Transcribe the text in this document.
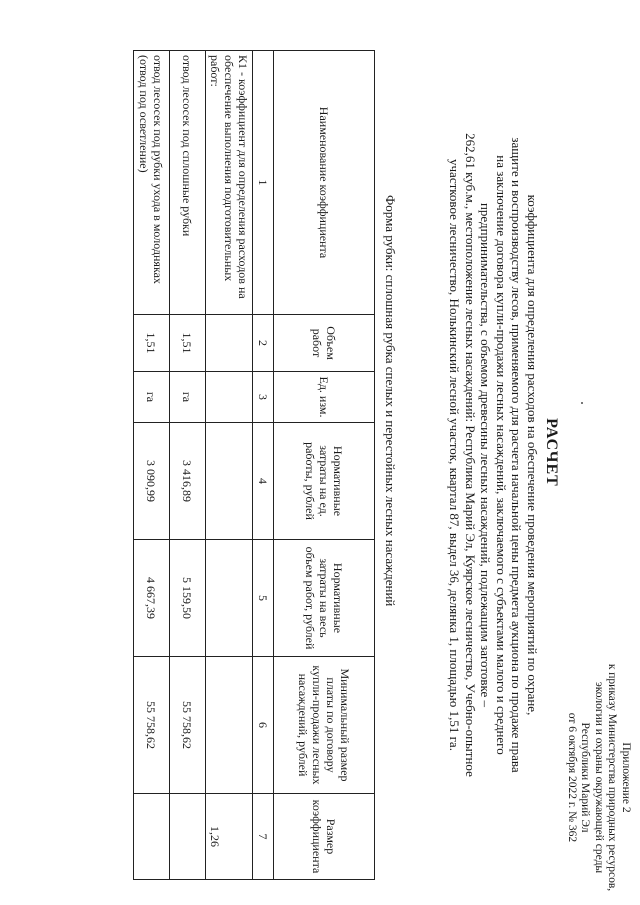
Приложение 2
к приказу Министерства природных ресурсов,
экологии и охраны окружающей среды
Республики Марий Эл
от 6 октября 2022 г. № 362
РАСЧЕТ
коэффициента для определения расходов на обеспечение проведения мероприятий по охране,
защите и воспроизводству лесов, применяемого для расчета начальной цены предмета аукциона по продаже права
на заключение договора купли-продажи лесных насаждений, заключаемого с субъектами малого и среднего
предпринимательства, с объемом древесины лесных насаждений, подлежащим заготовке –
262,61 куб.м., местоположение лесных насаждений: Республика Марий Эл, Куярское лесничество, Учебно-опытное
участковое лесничество, Нолькинский лесной участок, квартал 87, выдел 36, делянка 1, площадью 1,51 га.
Форма рубки: сплошная рубка спелых и перестойных лесных насаждений
Наименование коэффициента	Объем работ	Ед. изм.	Нормативные затраты на ед. работы, рублей	Нормативные затраты на весь объем работ, рублей	Минимальный размер платы по договору купли-продажи лесных насаждений, рублей	Размер коэффициента
1	2	3	4	5	6	7
К1 - коэффициент для определения расходов на обеспечение выполнения подготовительных работ:						1,26
отвод лесосек под сплошные рубки	1,51	га	3 416,89	5 159,50	55 758,62	
отвод лесосек под рубки ухода в молодняках (отвод под осветление)	1,51	га	3 090,99	4 667,39	55 758,62	
